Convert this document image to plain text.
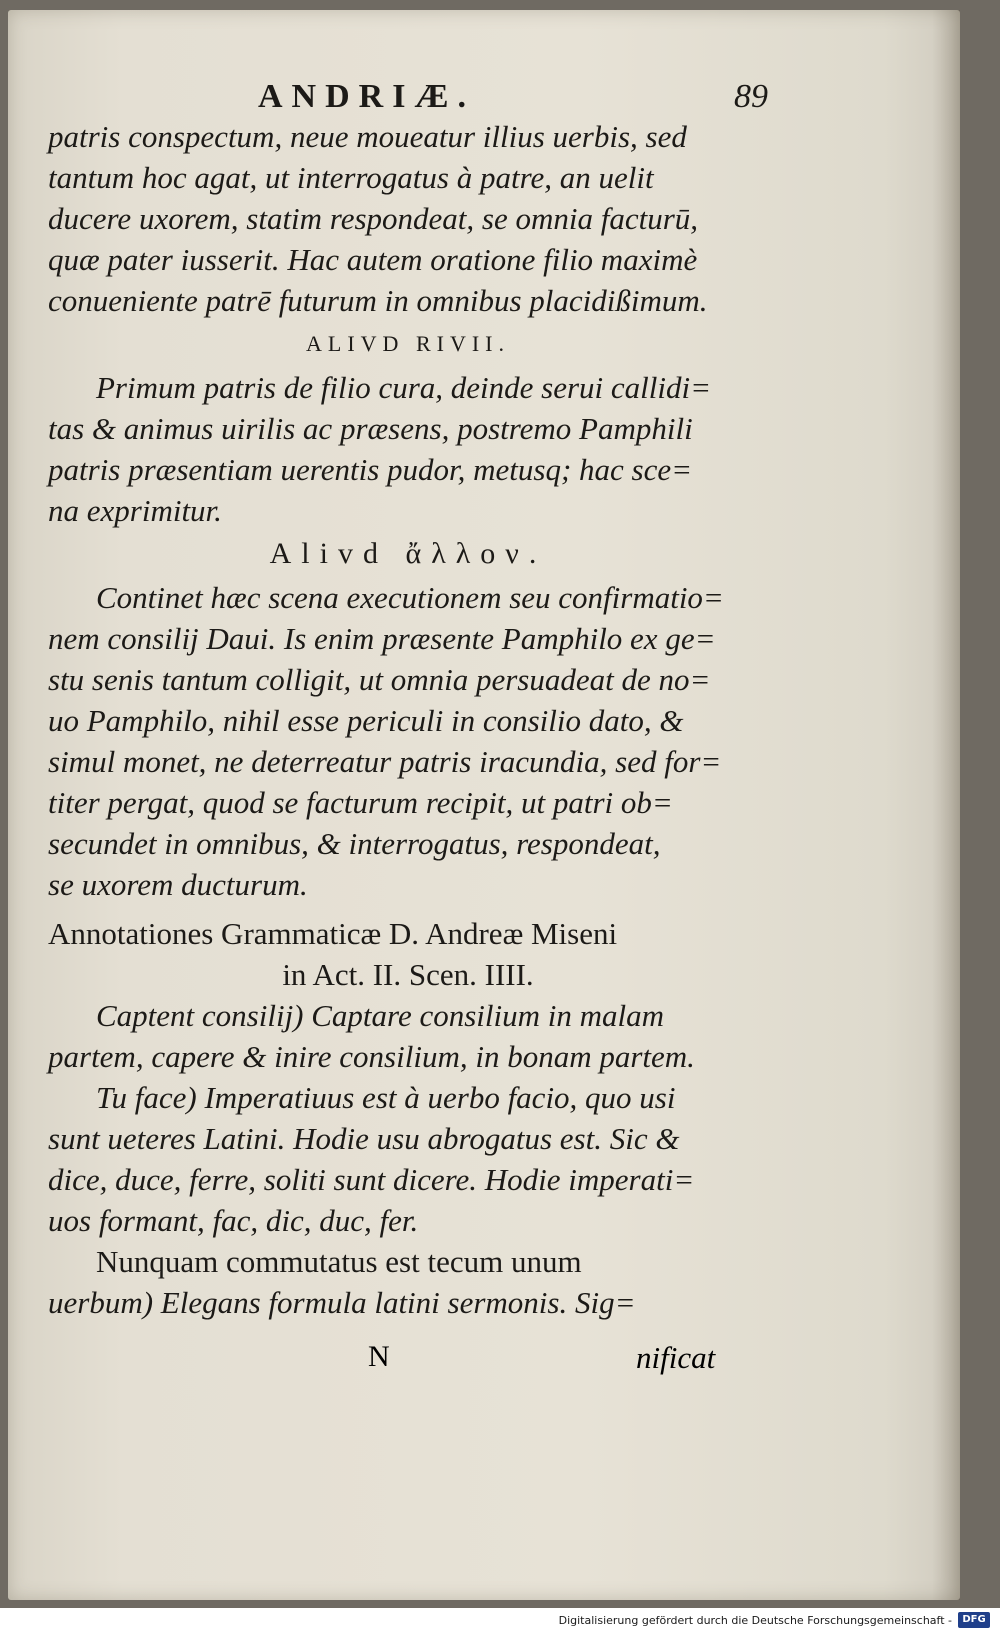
ANDRIÆ.	89
patris conspectum, neue moueatur illius uerbis, sed
tantum hoc agat, ut interrogatus à patre, an uelit
ducere uxorem, statim respondeat, se omnia facturū,
quæ pater iusserit. Hac autem oratione filio maximè
conuenientе patrē futurum in omnibus placidißimum.
ALIVD RIVII.
Primum patris de filio cura, deinde serui callidi=
tas & animus uirilis ac præsens, postremo Pamphili
patris præsentiam uerentis pudor, metusq; hac sce=
na exprimitur.
Alivd ἄλλον.
Continet hæc scena executionem seu confirmatio=
nem consilij Daui. Is enim præsente Pamphilo ex ge=
stu senis tantum colligit, ut omnia persuadeat de no=
uo Pamphilo, nihil esse periculi in consilio dato, &
simul monet, ne deterreatur patris iracundia, sed for=
titer pergat, quod se facturum recipit, ut patri ob=
secundet in omnibus, & interrogatus, respondeat,
se uxorem ducturum.
Annotationes Grammaticæ D. Andreæ Miseni
in Act. II. Scen. IIII.
Captent consilij) Captare consilium in malam
partem, capere & inire consilium, in bonam partem.
Tu face) Imperatiuus est à uerbo facio, quo usi
sunt ueteres Latini. Hodie usu abrogatus est. Sic &
dice, duce, ferre, soliti sunt dicere. Hodie imperati=
uos formant, fac, dic, duc, fer.
Nunquam commutatus est tecum unum
uerbum) Elegans formula latini sermonis. Sig=
N	nificat
Digitalisierung gefördert durch die Deutsche Forschungsgemeinschaft -	DFG
